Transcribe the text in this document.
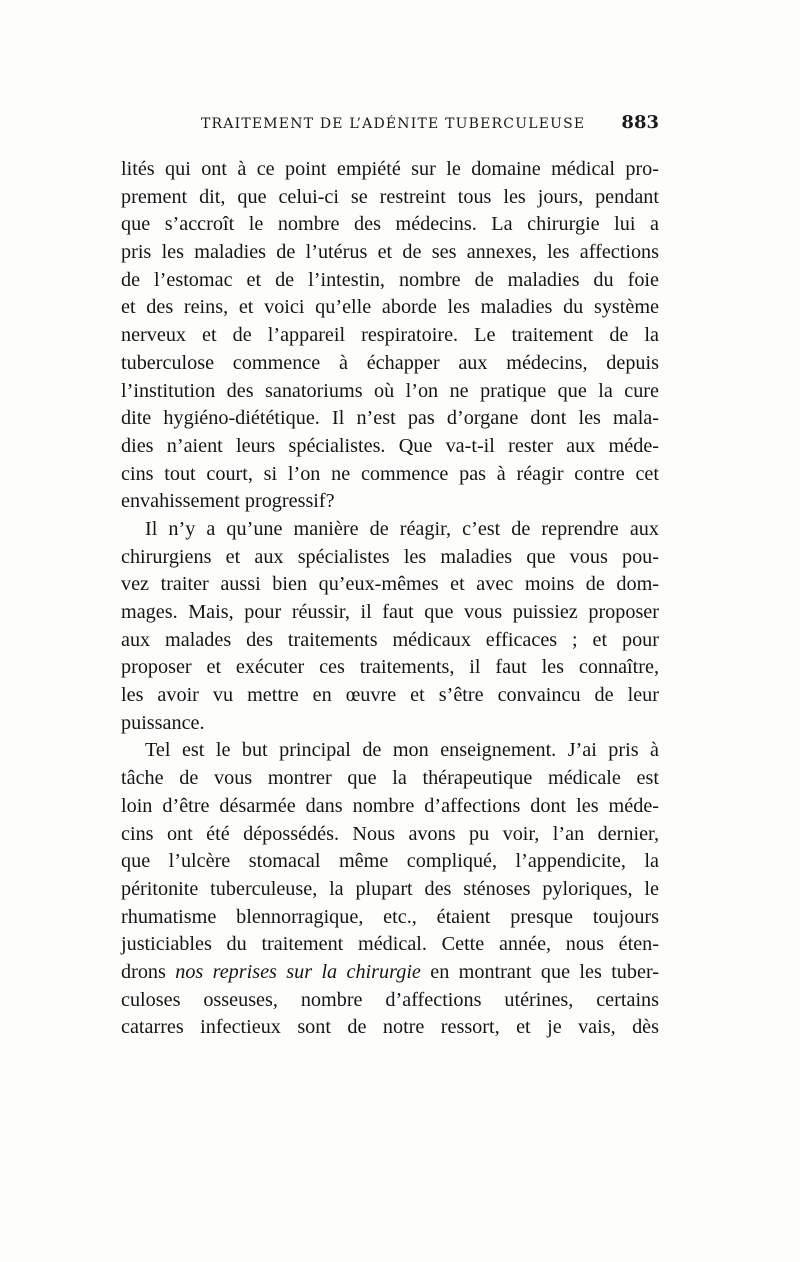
TRAITEMENT DE L’ADÉNITE TUBERCULEUSE 883
lités qui ont à ce point empiété sur le domaine médical pro-
prement dit, que celui-ci se restreint tous les jours, pendant
que s’accroît le nombre des médecins. La chirurgie lui a
pris les maladies de l’utérus et de ses annexes, les affections
de l’estomac et de l’intestin, nombre de maladies du foie
et des reins, et voici qu’elle aborde les maladies du système
nerveux et de l’appareil respiratoire. Le traitement de la
tuberculose commence à échapper aux médecins, depuis
l’institution des sanatoriums où l’on ne pratique que la cure
dite hygiéno-diététique. Il n’est pas d’organe dont les mala-
dies n’aient leurs spécialistes. Que va-t-il rester aux méde-
cins tout court, si l’on ne commence pas à réagir contre cet
envahissement progressif?
Il n’y a qu’une manière de réagir, c’est de reprendre aux
chirurgiens et aux spécialistes les maladies que vous pou-
vez traiter aussi bien qu’eux-mêmes et avec moins de dom-
mages. Mais, pour réussir, il faut que vous puissiez proposer
aux malades des traitements médicaux efficaces ; et pour
proposer et exécuter ces traitements, il faut les connaître,
les avoir vu mettre en œuvre et s’être convaincu de leur
puissance.
Tel est le but principal de mon enseignement. J’ai pris à
tâche de vous montrer que la thérapeutique médicale est
loin d’être désarmée dans nombre d’affections dont les méde-
cins ont été dépossédés. Nous avons pu voir, l’an dernier,
que l’ulcère stomacal même compliqué, l’appendicite, la
péritonite tuberculeuse, la plupart des sténoses pyloriques, le
rhumatisme blennorragique, etc., étaient presque toujours
justiciables du traitement médical. Cette année, nous éten-
drons nos reprises sur la chirurgie en montrant que les tuber-
culoses osseuses, nombre d’affections utérines, certains
catarres infectieux sont de notre ressort, et je vais, dès
